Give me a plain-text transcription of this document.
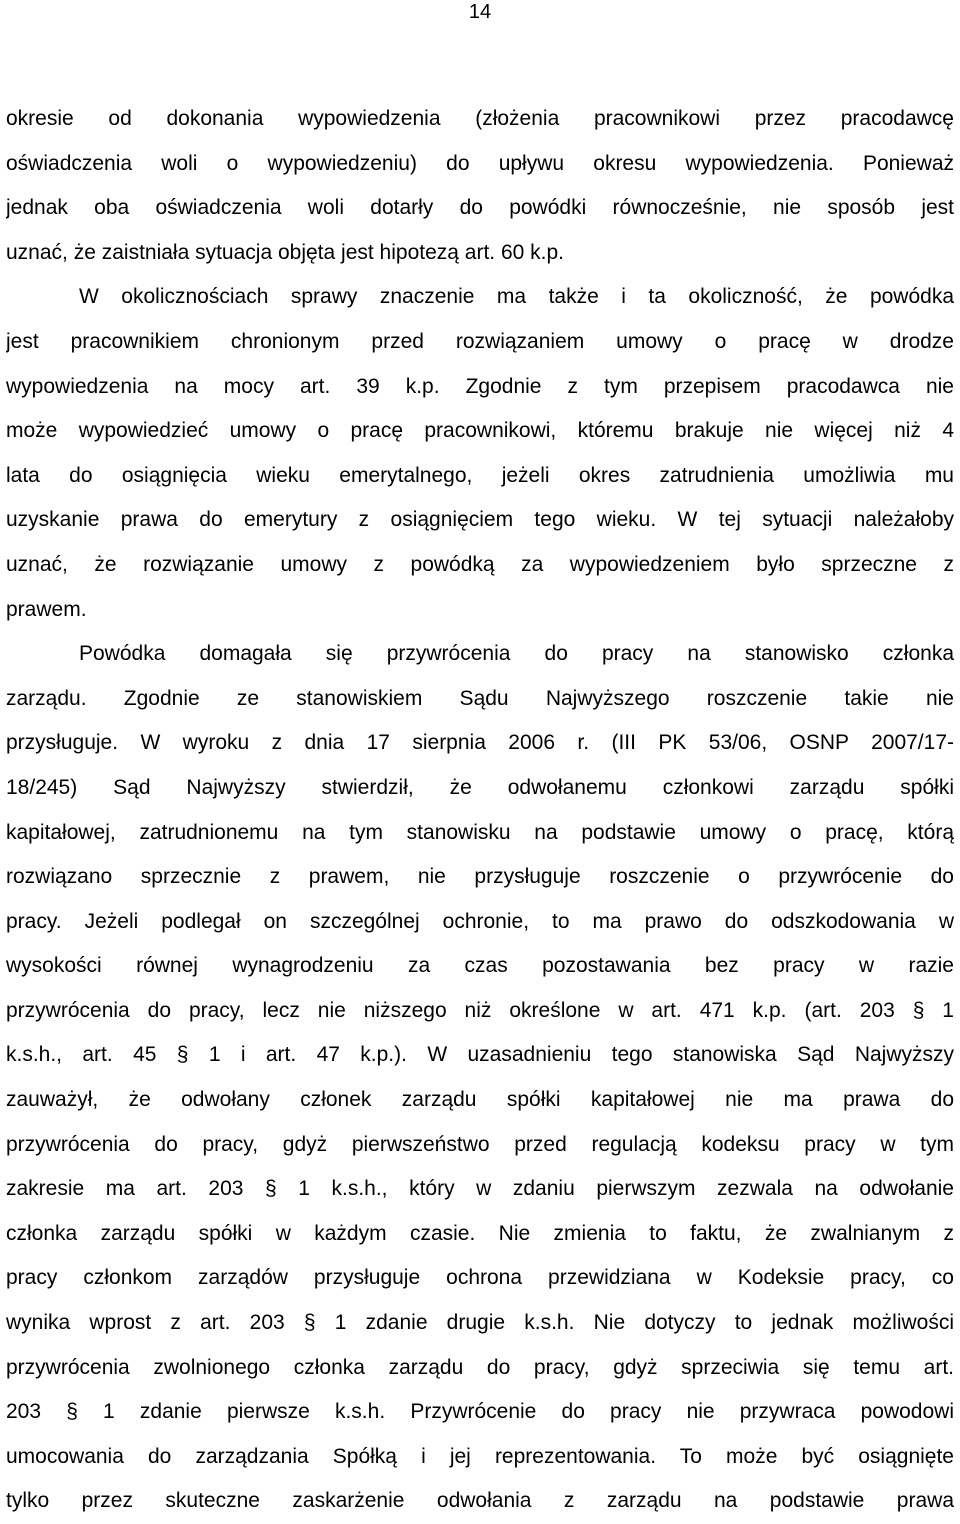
14
okresie od dokonania wypowiedzenia (złożenia pracownikowi przez pracodawcę
oświadczenia woli o wypowiedzeniu) do upływu okresu wypowiedzenia. Ponieważ
jednak oba oświadczenia woli dotarły do powódki równocześnie, nie sposób jest
uznać, że zaistniała sytuacja objęta jest hipotezą art. 60 k.p.
W okolicznościach sprawy znaczenie ma także i ta okoliczność, że powódka
jest pracownikiem chronionym przed rozwiązaniem umowy o pracę w drodze
wypowiedzenia na mocy art. 39 k.p. Zgodnie z tym przepisem pracodawca nie
może wypowiedzieć umowy o pracę pracownikowi, któremu brakuje nie więcej niż 4
lata do osiągnięcia wieku emerytalnego, jeżeli okres zatrudnienia umożliwia mu
uzyskanie prawa do emerytury z osiągnięciem tego wieku. W tej sytuacji należałoby
uznać, że rozwiązanie umowy z powódką za wypowiedzeniem było sprzeczne z
prawem.
Powódka domagała się przywrócenia do pracy na stanowisko członka
zarządu. Zgodnie ze stanowiskiem Sądu Najwyższego roszczenie takie nie
przysługuje. W wyroku z dnia 17 sierpnia 2006 r. (III PK 53/06, OSNP 2007/17-
18/245) Sąd Najwyższy stwierdził, że odwołanemu członkowi zarządu spółki
kapitałowej, zatrudnionemu na tym stanowisku na podstawie umowy o pracę, którą
rozwiązano sprzecznie z prawem, nie przysługuje roszczenie o przywrócenie do
pracy. Jeżeli podlegał on szczególnej ochronie, to ma prawo do odszkodowania w
wysokości równej wynagrodzeniu za czas pozostawania bez pracy w razie
przywrócenia do pracy, lecz nie niższego niż określone w art. 471 k.p. (art. 203 § 1
k.s.h., art. 45 § 1 i art. 47 k.p.). W uzasadnieniu tego stanowiska Sąd Najwyższy
zauważył, że odwołany członek zarządu spółki kapitałowej nie ma prawa do
przywrócenia do pracy, gdyż pierwszeństwo przed regulacją kodeksu pracy w tym
zakresie ma art. 203 § 1 k.s.h., który w zdaniu pierwszym zezwala na odwołanie
członka zarządu spółki w każdym czasie. Nie zmienia to faktu, że zwalnianym z
pracy członkom zarządów przysługuje ochrona przewidziana w Kodeksie pracy, co
wynika wprost z art. 203 § 1 zdanie drugie k.s.h. Nie dotyczy to jednak możliwości
przywrócenia zwolnionego członka zarządu do pracy, gdyż sprzeciwia się temu art.
203 § 1 zdanie pierwsze k.s.h. Przywrócenie do pracy nie przywraca powodowi
umocowania do zarządzania Spółką i jej reprezentowania. To może być osiągnięte
tylko przez skuteczne zaskarżenie odwołania z zarządu na podstawie prawa
